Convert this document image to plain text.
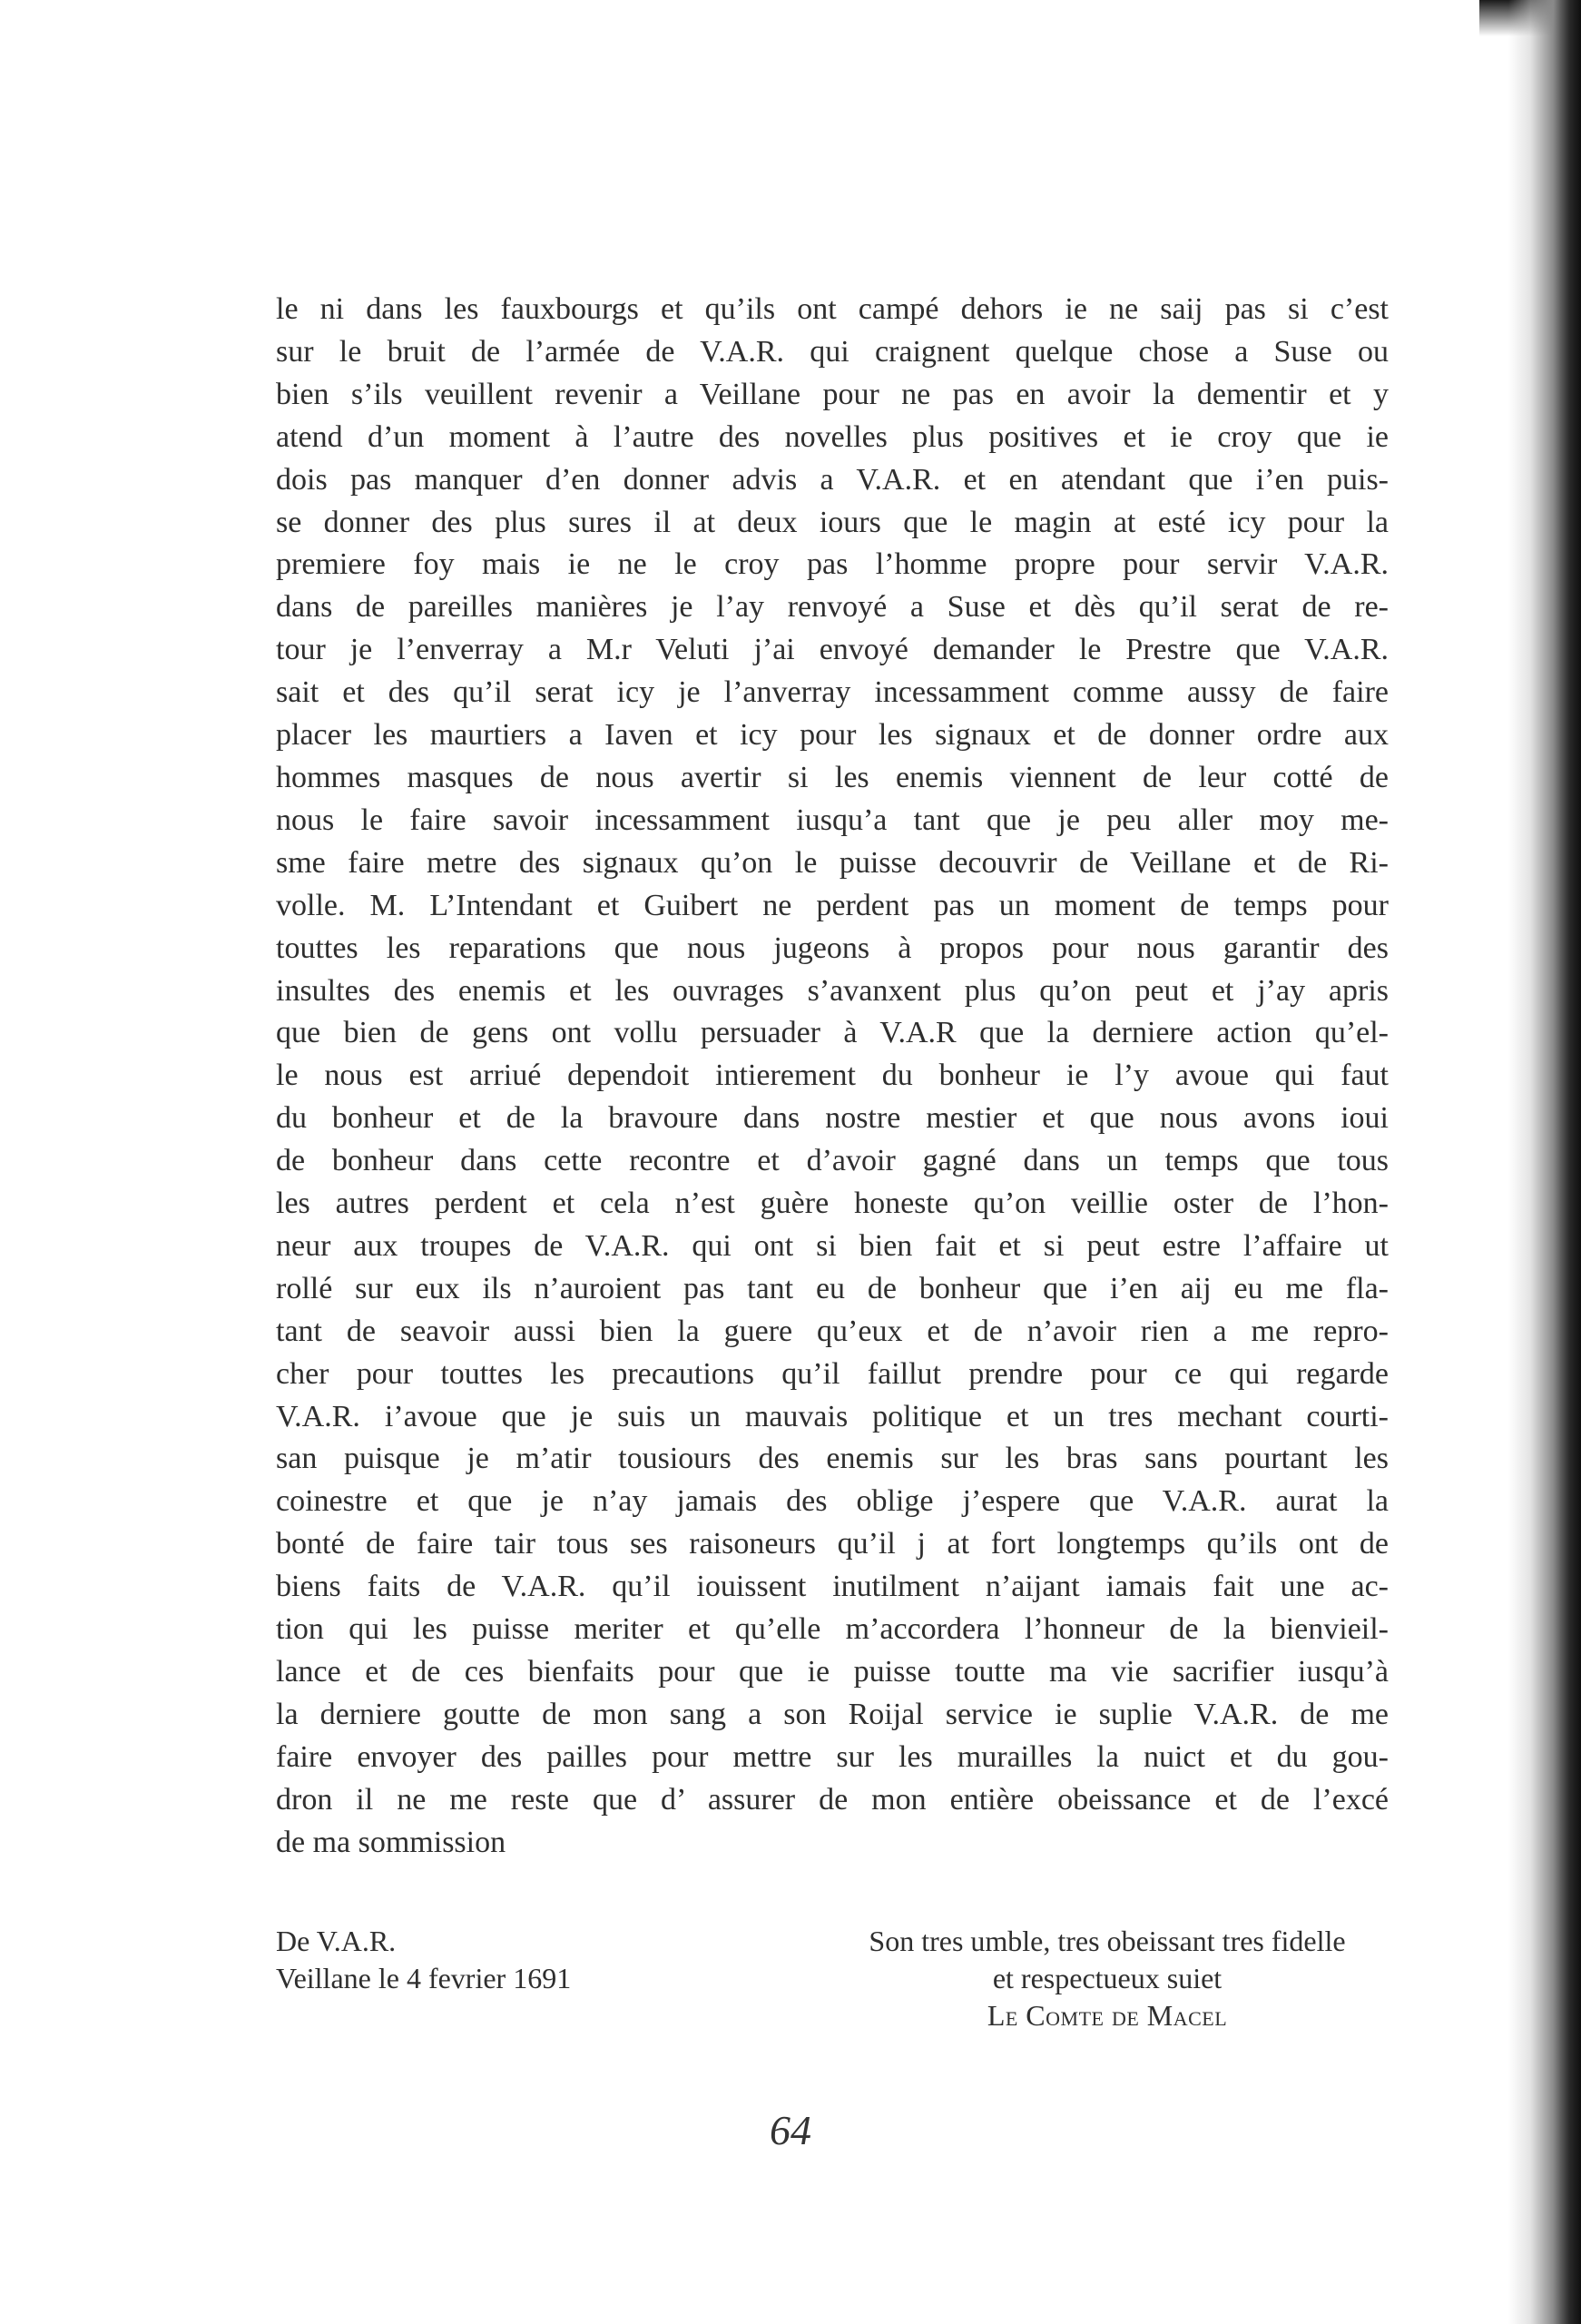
le ni dans les fauxbourgs et qu’ils ont campé dehors ie ne saij pas si c’est
sur le bruit de l’armée de V.A.R. qui craignent quelque chose a Suse ou
bien s’ils veuillent revenir a Veillane pour ne pas en avoir la dementir et y
atend d’un moment à l’autre des novelles plus positives et ie croy que ie
dois pas manquer d’en donner advis a V.A.R. et en atendant que i’en puis-
se donner des plus sures il at deux iours que le magin at esté icy pour la
premiere foy mais ie ne le croy pas l’homme propre pour servir V.A.R.
dans de pareilles manières je l’ay renvoyé a Suse et dès qu’il serat de re-
tour je l’enverray a M.r Veluti j’ai envoyé demander le Prestre que V.A.R.
sait et des qu’il serat icy je l’anverray incessamment comme aussy de faire
placer les maurtiers a Iaven et icy pour les signaux et de donner ordre aux
hommes masques de nous avertir si les enemis viennent de leur cotté de
nous le faire savoir incessamment iusqu’a tant que je peu aller moy me-
sme faire metre des signaux qu’on le puisse decouvrir de Veillane et de Ri-
volle. M. L’Intendant et Guibert ne perdent pas un moment de temps pour
touttes les reparations que nous jugeons à propos pour nous garantir des
insultes des enemis et les ouvrages s’avanxent plus qu’on peut et j’ay apris
que bien de gens ont vollu persuader à V.A.R que la derniere action qu’el-
le nous est arriué dependoit intierement du bonheur ie l’y avoue qui faut
du bonheur et de la bravoure dans nostre mestier et que nous avons ioui
de bonheur dans cette recontre et d’avoir gagné dans un temps que tous
les autres perdent et cela n’est guère honeste qu’on veillie oster de l’hon-
neur aux troupes de V.A.R. qui ont si bien fait et si peut estre l’affaire ut
rollé sur eux ils n’auroient pas tant eu de bonheur que i’en aij eu me fla-
tant de seavoir aussi bien la guere qu’eux et de n’avoir rien a me repro-
cher pour touttes les precautions qu’il faillut prendre pour ce qui regarde
V.A.R. i’avoue que je suis un mauvais politique et un tres mechant courti-
san puisque je m’atir tousiours des enemis sur les bras sans pourtant les
coinestre et que je n’ay jamais des oblige j’espere que V.A.R. aurat la
bonté de faire tair tous ses raisoneurs qu’il j at fort longtemps qu’ils ont de
biens faits de V.A.R. qu’il iouissent inutilment n’aijant iamais fait une ac-
tion qui les puisse meriter et qu’elle m’accordera l’honneur de la bienvieil-
lance et de ces bienfaits pour que ie puisse toutte ma vie sacrifier iusqu’à
la derniere goutte de mon sang a son Roijal service ie suplie V.A.R. de me
faire envoyer des pailles pour mettre sur les murailles la nuict et du gou-
dron il ne me reste que d’ assurer de mon entière obeissance et de l’excé
de ma sommission
De V.A.R.
Veillane le 4 fevrier 1691
Son tres umble, tres obeissant tres fidelle
et respectueux suiet
Le Comte de Macel
64
